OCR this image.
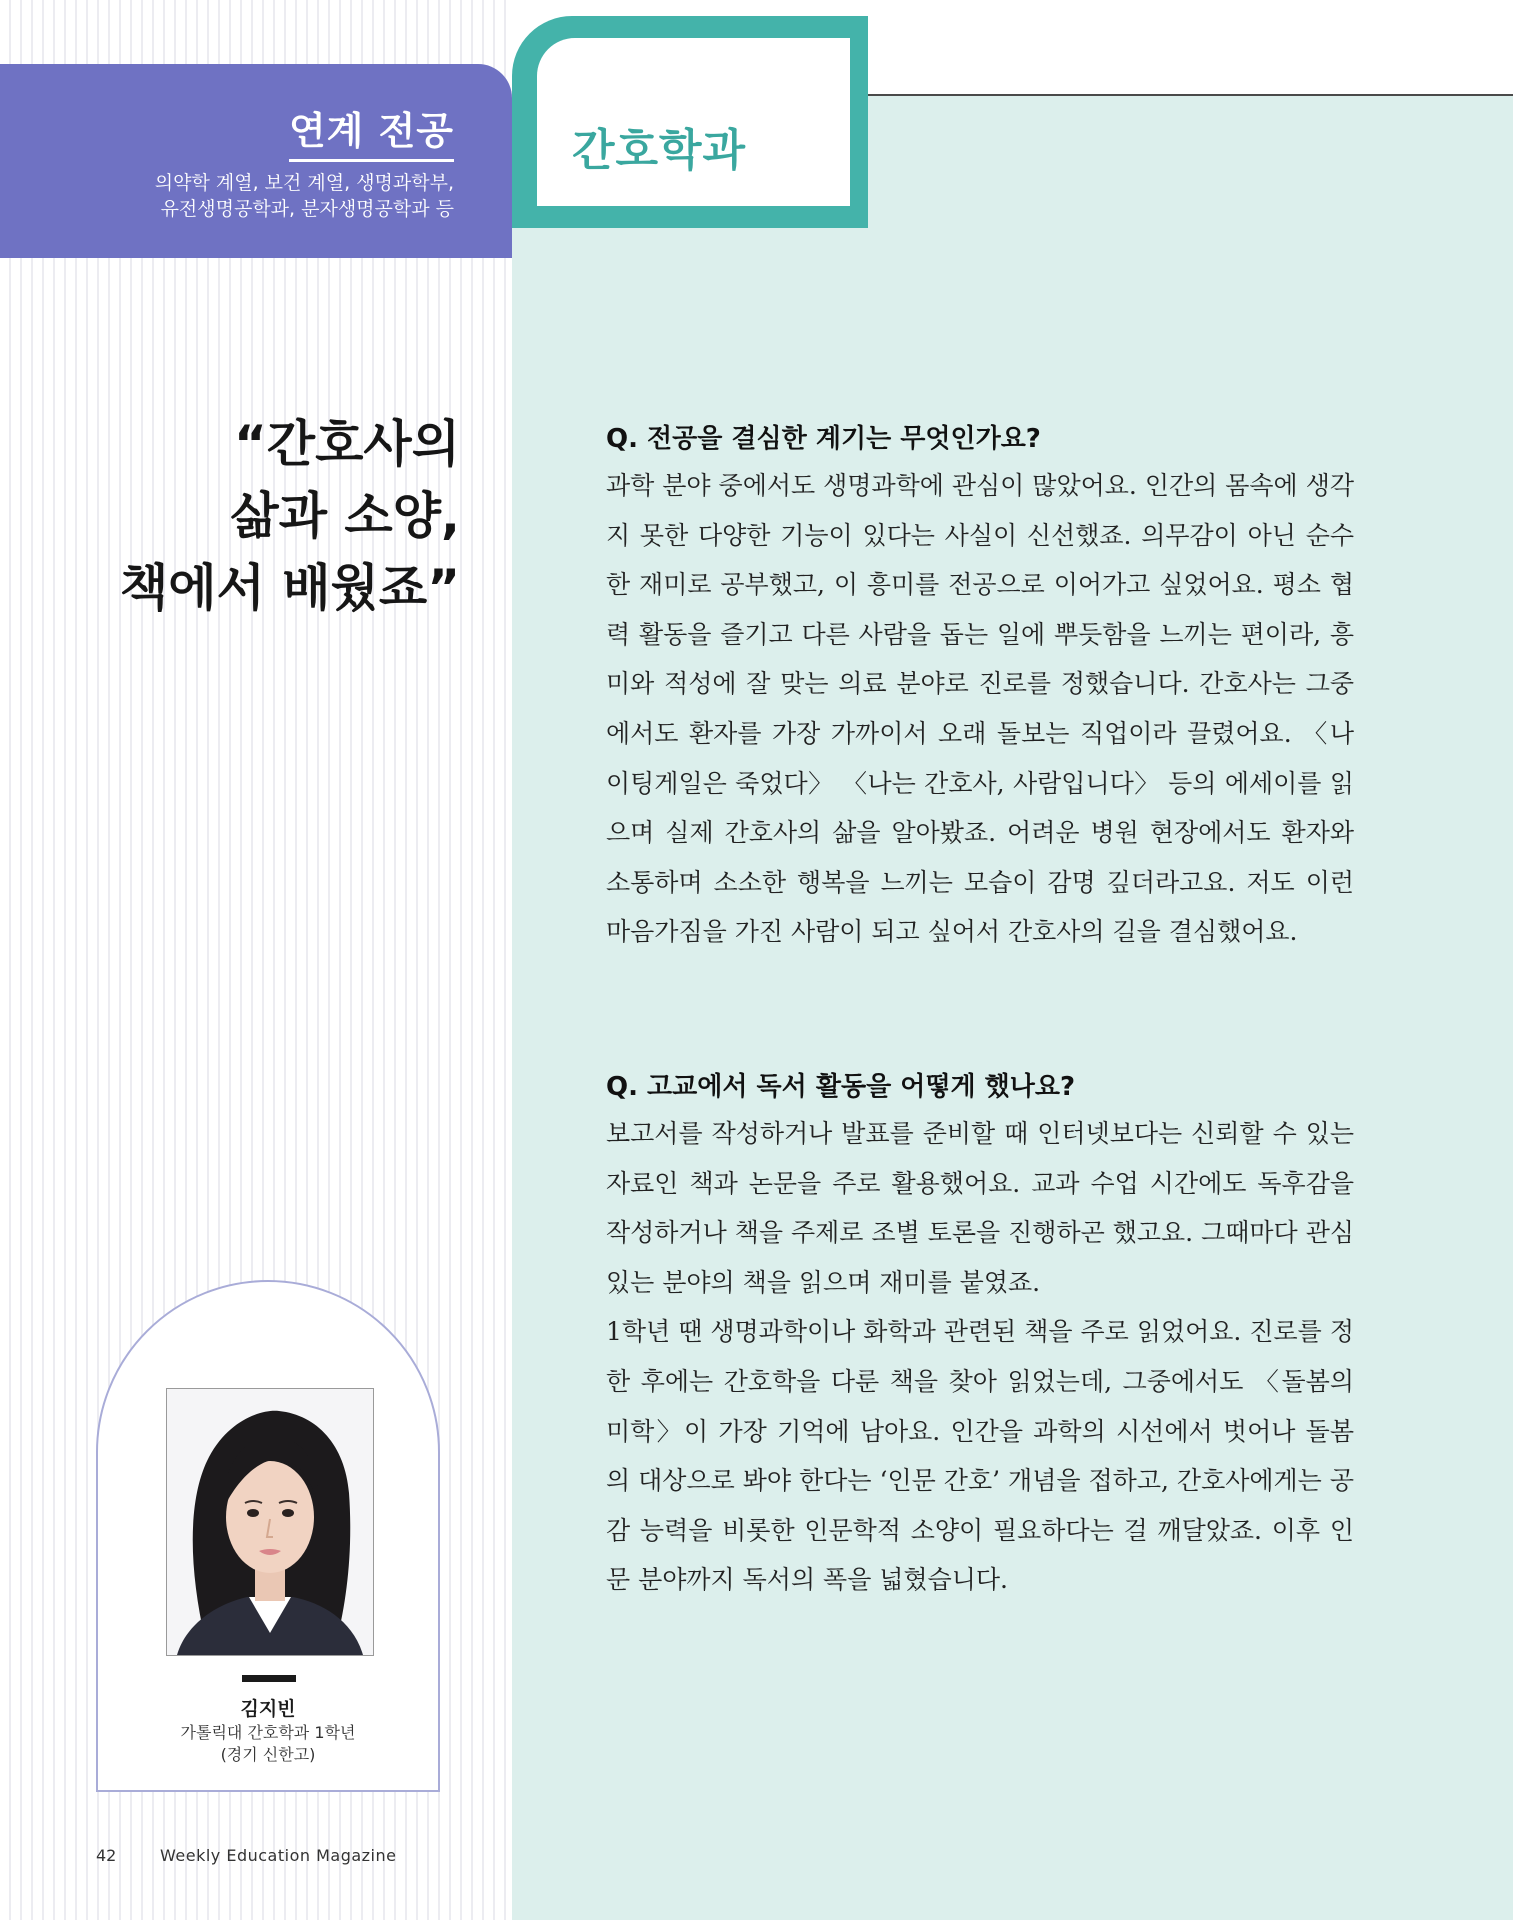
연계 전공
의약학 계열, 보건 계열, 생명과학부,
유전생명공학과, 분자생명공학과 등
간호학과
“간호사의
삶과 소양,
책에서 배웠죠”
김지빈
가톨릭대 간호학과 1학년
(경기 신한고)
42	Weekly Education Magazine
Q. 전공을 결심한 계기는 무엇인가요?

과학 분야 중에서도 생명과학에 관심이 많았어요. 인간의 몸속에 생각지 못한 다양한 기능이 있다는 사실이 신선했죠. 의무감이 아닌 순수한 재미로 공부했고, 이 흥미를 전공으로 이어가고 싶었어요. 평소 협력 활동을 즐기고 다른 사람을 돕는 일에 뿌듯함을 느끼는 편이라, 흥미와 적성에 잘 맞는 의료 분야로 진로를 정했습니다. 간호사는 그중에서도 환자를 가장 가까이서 오래 돌보는 직업이라 끌렸어요. 〈나이팅게일은 죽었다〉 〈나는 간호사, 사람입니다〉 등의 에세이를 읽으며 실제 간호사의 삶을 알아봤죠. 어려운 병원 현장에서도 환자와 소통하며 소소한 행복을 느끼는 모습이 감명 깊더라고요. 저도 이런 마음가짐을 가진 사람이 되고 싶어서 간호사의 길을 결심했어요.

Q. 고교에서 독서 활동을 어떻게 했나요?

보고서를 작성하거나 발표를 준비할 때 인터넷보다는 신뢰할 수 있는 자료인 책과 논문을 주로 활용했어요. 교과 수업 시간에도 독후감을 작성하거나 책을 주제로 조별 토론을 진행하곤 했고요. 그때마다 관심 있는 분야의 책을 읽으며 재미를 붙였죠.

1학년 땐 생명과학이나 화학과 관련된 책을 주로 읽었어요. 진로를 정한 후에는 간호학을 다룬 책을 찾아 읽었는데, 그중에서도 〈돌봄의 미학〉이 가장 기억에 남아요. 인간을 과학의 시선에서 벗어나 돌봄의 대상으로 봐야 한다는 ‘인문 간호’ 개념을 접하고, 간호사에게는 공감 능력을 비롯한 인문학적 소양이 필요하다는 걸 깨달았죠. 이후 인문 분야까지 독서의 폭을 넓혔습니다.
